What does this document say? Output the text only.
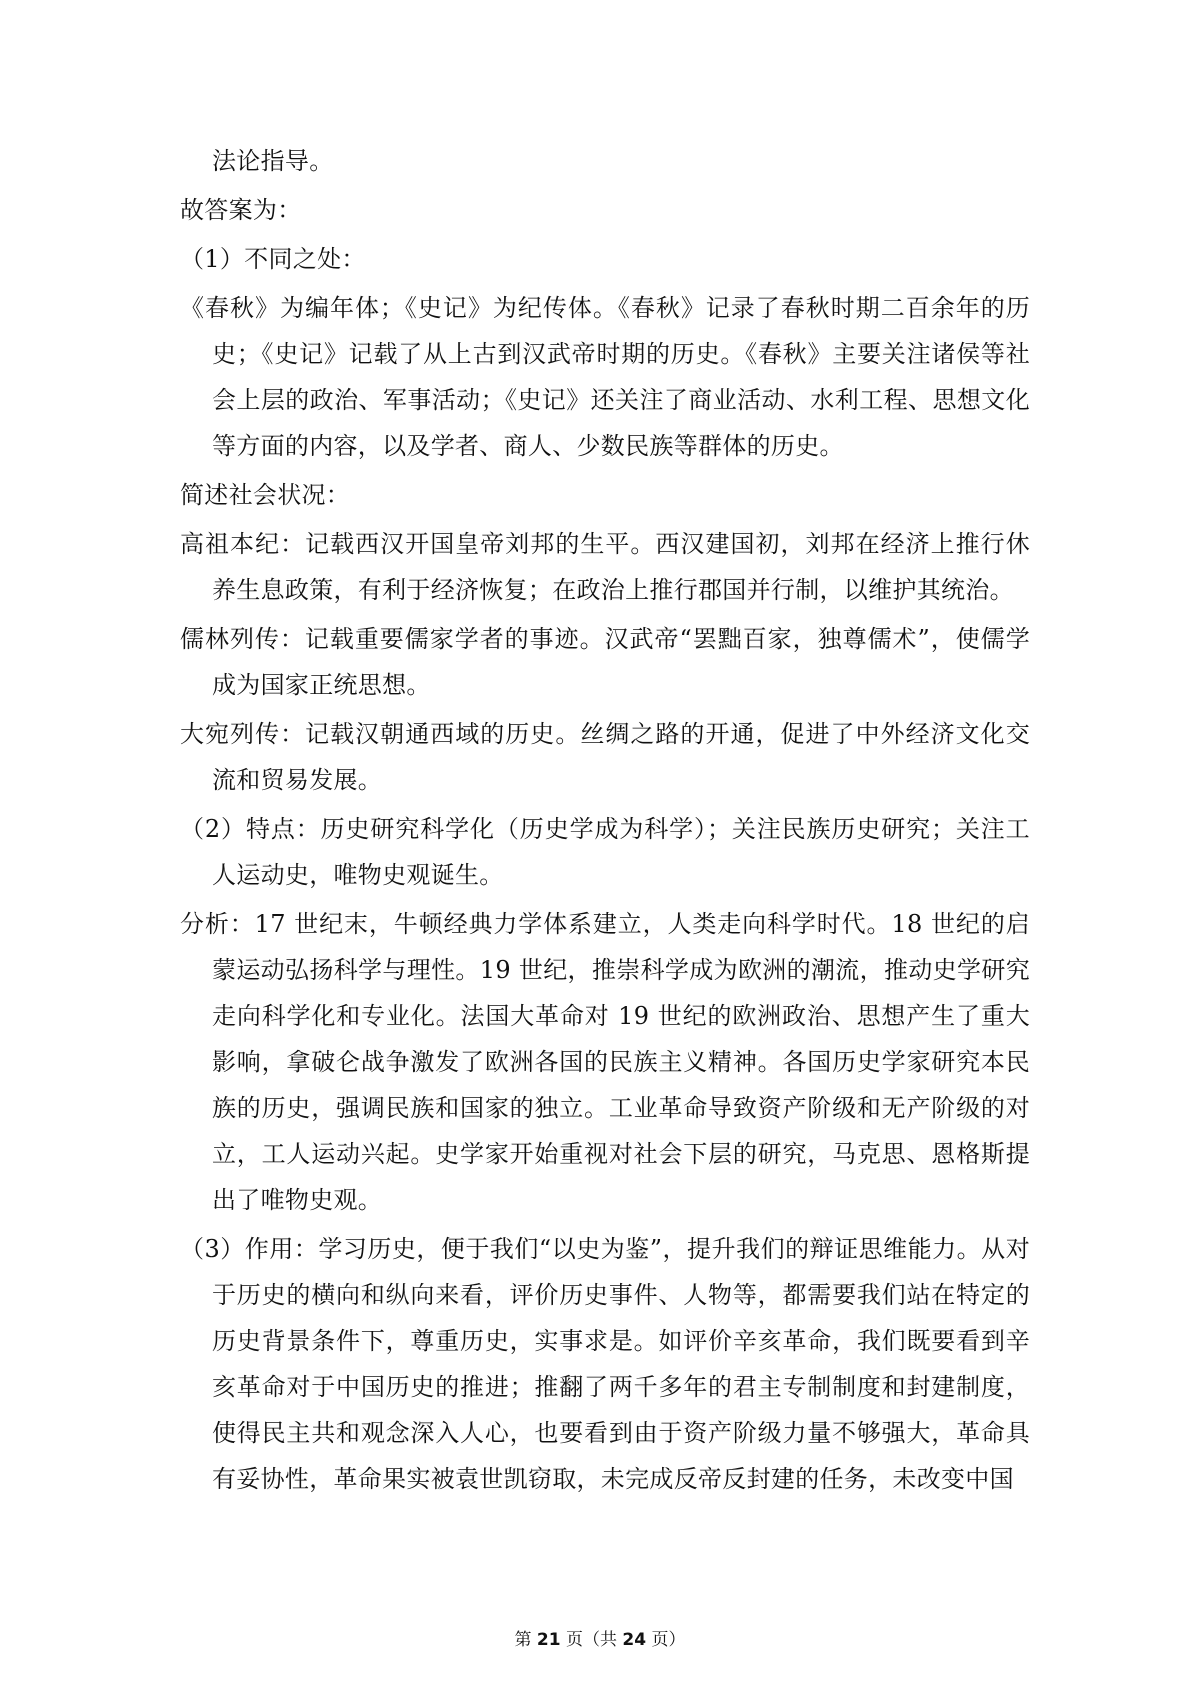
法论指导。

故答案为：

（1）不同之处：

《春秋》为编年体；《史记》为纪传体。《春秋》记录了春秋时期二百余年的历史；《史记》记载了从上古到汉武帝时期的历史。《春秋》主要关注诸侯等社会上层的政治、军事活动；《史记》还关注了商业活动、水利工程、思想文化等方面的内容，以及学者、商人、少数民族等群体的历史。

简述社会状况：

高祖本纪：记载西汉开国皇帝刘邦的生平。西汉建国初，刘邦在经济上推行休养生息政策，有利于经济恢复；在政治上推行郡国并行制，以维护其统治。

儒林列传：记载重要儒家学者的事迹。汉武帝“罢黜百家，独尊儒术”，使儒学成为国家正统思想。

大宛列传：记载汉朝通西域的历史。丝绸之路的开通，促进了中外经济文化交流和贸易发展。

（2）特点：历史研究科学化（历史学成为科学）；关注民族历史研究；关注工人运动史，唯物史观诞生。

分析：17 世纪末，牛顿经典力学体系建立，人类走向科学时代。18 世纪的启蒙运动弘扬科学与理性。19 世纪，推崇科学成为欧洲的潮流，推动史学研究走向科学化和专业化。法国大革命对 19 世纪的欧洲政治、思想产生了重大影响，拿破仑战争激发了欧洲各国的民族主义精神。各国历史学家研究本民族的历史，强调民族和国家的独立。工业革命导致资产阶级和无产阶级的对立，工人运动兴起。史学家开始重视对社会下层的研究，马克思、恩格斯提出了唯物史观。

（3）作用：学习历史，便于我们“以史为鉴”，提升我们的辩证思维能力。从对于历史的横向和纵向来看，评价历史事件、人物等，都需要我们站在特定的历史背景条件下，尊重历史，实事求是。如评价辛亥革命，我们既要看到辛亥革命对于中国历史的推进；推翻了两千多年的君主专制制度和封建制度，使得民主共和观念深入人心，也要看到由于资产阶级力量不够强大，革命具有妥协性，革命果实被袁世凯窃取，未完成反帝反封建的任务，未改变中国

第 21 页（共 24 页）
